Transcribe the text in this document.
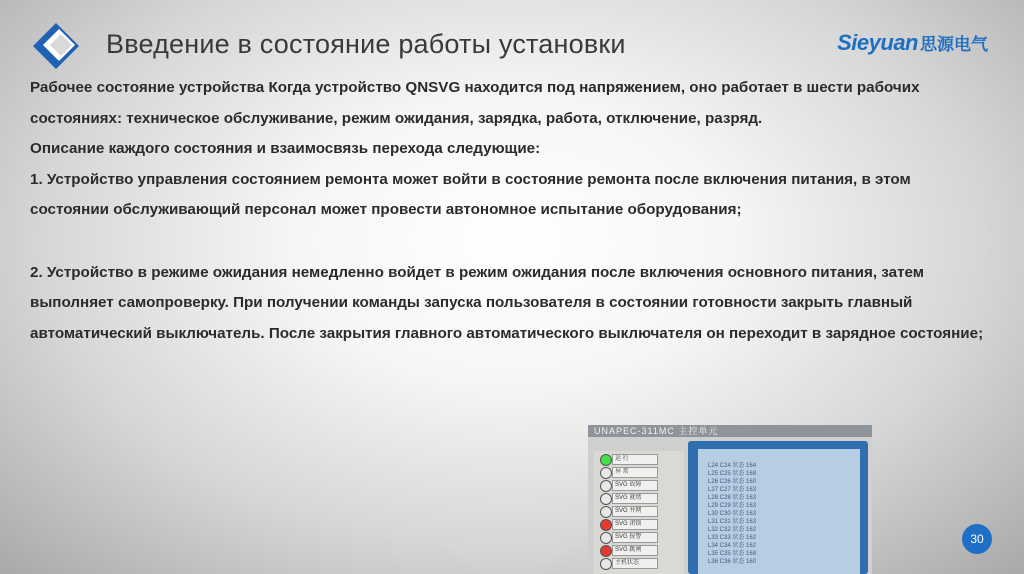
Введение в состояние работы установки	Sieyuan 思源电气

Рабочее состояние устройства Когда устройство QNSVG находится под напряжением, оно работает в шести рабочих состояниях: техническое обслуживание, режим ожидания, зарядка, работа, отключение, разряд.

Описание каждого состояния и взаимосвязь перехода следующие:

1. Устройство управления состоянием ремонта может войти в состояние ремонта после включения питания, в этом состоянии обслуживающий персонал может провести автономное испытание оборудования;

2. Устройство в режиме ожидания немедленно войдет в режим ожидания после включения основного питания, затем выполняет самопроверку. При получении команды запуска пользователя в состоянии готовности закрыть главный автоматический выключатель. После закрытия главного автоматического выключателя он переходит в зарядное состояние;

UNAPEC-311MC 主控单元
运 行
异 常
SVG 故障
SVG 就绪
SVG 并网
SVG 闭锁
SVG 报警
SVG 跳闸
主机状态
L24 C24 状态 164
L25 C25 状态 168
L26 C26 状态 160
L27 C27 状态 163
L28 C28 状态 163
L29 C29 状态 163
L30 C30 状态 163
L31 C31 状态 163
L32 C32 状态 162
L33 C33 状态 162
L34 C34 状态 162
L35 C35 状态 168
L36 C36 状态 160
30
